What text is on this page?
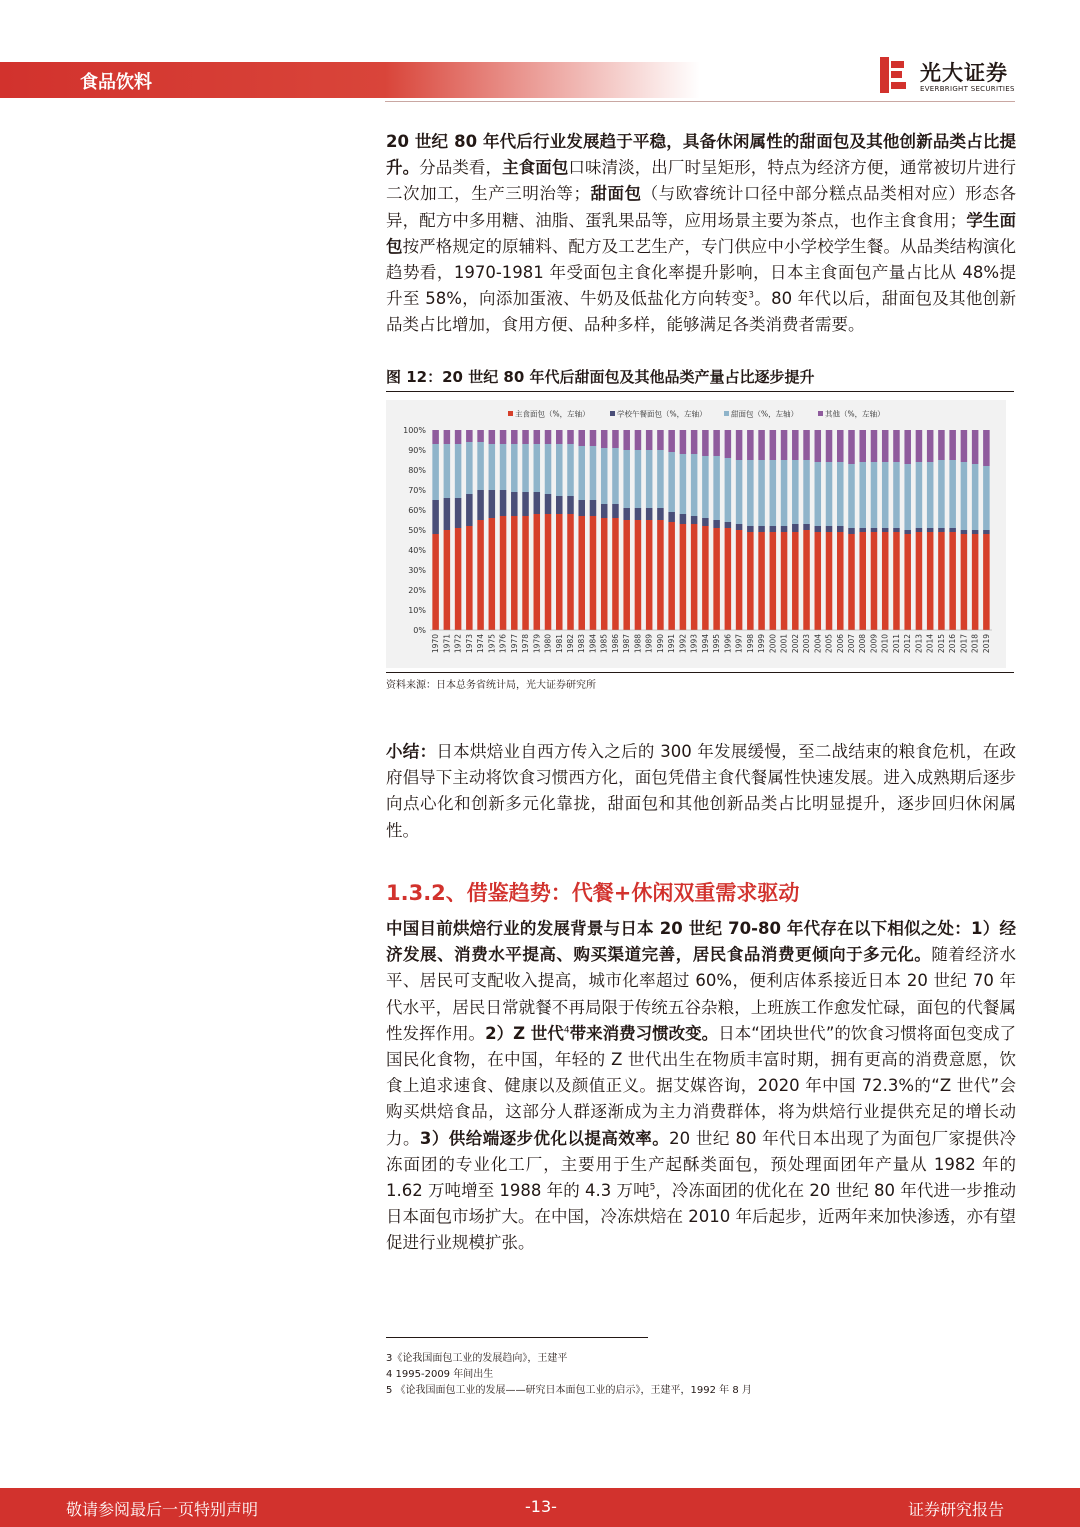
食品饮料	光大证券
EVERBRIGHT SECURITIES
20 世纪 80 年代后行业发展趋于平稳，具备休闲属性的甜面包及其他创新品类占比提升。分品类看，主食面包口味清淡，出厂时呈矩形，特点为经济方便，通常被切片进行二次加工，生产三明治等；甜面包（与欧睿统计口径中部分糕点品类相对应）形态各异，配方中多用糖、油脂、蛋乳果品等，应用场景主要为茶点，也作主食食用；学生面包按严格规定的原辅料、配方及工艺生产，专门供应中小学校学生餐。从品类结构演化趋势看，1970-1981 年受面包主食化率提升影响，日本主食面包产量占比从 48%提升至 58%，向添加蛋液、牛奶及低盐化方向转变$^3$。80 年代以后，甜面包及其他创新品类占比增加，食用方便、品种多样，能够满足各类消费者需要。
图 12：20 世纪 80 年代后甜面包及其他品类产量占比逐步提升
0%
10%
20%
30%
40%
50%
60%
70%
80%
90%
100%
1970 1971 1972 1973 1974 1975 1976 1977 1978 1979 1980 1981 1982 1983 1984 1985 1986 1987 1988 1989 1990 1991 1992 1993 1994 1995 1996 1997 1998 1999 2000 2001 2002 2003 2004 2005 2006 2007 2008 2009 2010 2011 2012 2013 2014 2015 2016 2017 2018 2019
主食面包（%，左轴）	学校午餐面包（%，左轴）	甜面包（%，左轴）	其他（%，左轴）
资料来源：日本总务省统计局，光大证券研究所
小结：日本烘焙业自西方传入之后的 300 年发展缓慢，至二战结束的粮食危机，在政府倡导下主动将饮食习惯西方化，面包凭借主食代餐属性快速发展。进入成熟期后逐步向点心化和创新多元化靠拢，甜面包和其他创新品类占比明显提升，逐步回归休闲属性。
1.3.2、借鉴趋势：代餐+休闲双重需求驱动
中国目前烘焙行业的发展背景与日本 20 世纪 70-80 年代存在以下相似之处：1）经济发展、消费水平提高、购买渠道完善，居民食品消费更倾向于多元化。随着经济水平、居民可支配收入提高，城市化率超过 60%，便利店体系接近日本 20 世纪 70 年代水平，居民日常就餐不再局限于传统五谷杂粮，上班族工作愈发忙碌，面包的代餐属性发挥作用。2）Z 世代$^4$带来消费习惯改变。日本“团块世代”的饮食习惯将面包变成了国民化食物，在中国，年轻的 Z 世代出生在物质丰富时期，拥有更高的消费意愿，饮食上追求速食、健康以及颜值正义。据艾媒咨询，2020 年中国 72.3%的“Z 世代”会购买烘焙食品，这部分人群逐渐成为主力消费群体，将为烘焙行业提供充足的增长动力。3）供给端逐步优化以提高效率。20 世纪 80 年代日本出现了为面包厂家提供冷冻面团的专业化工厂，主要用于生产起酥类面包，预处理面团年产量从 1982 年的 1.62 万吨增至 1988 年的 4.3 万吨$^5$，冷冻面团的优化在 20 世纪 80 年代进一步推动日本面包市场扩大。在中国，冷冻烘焙在 2010 年后起步，近两年来加快渗透，亦有望促进行业规模扩张。
3《论我国面包工业的发展趋向》，王建平
4 1995-2009 年间出生
5 《论我国面包工业的发展——研究日本面包工业的启示》，王建平，1992 年 8 月
敬请参阅最后一页特别声明	-13-	证券研究报告
